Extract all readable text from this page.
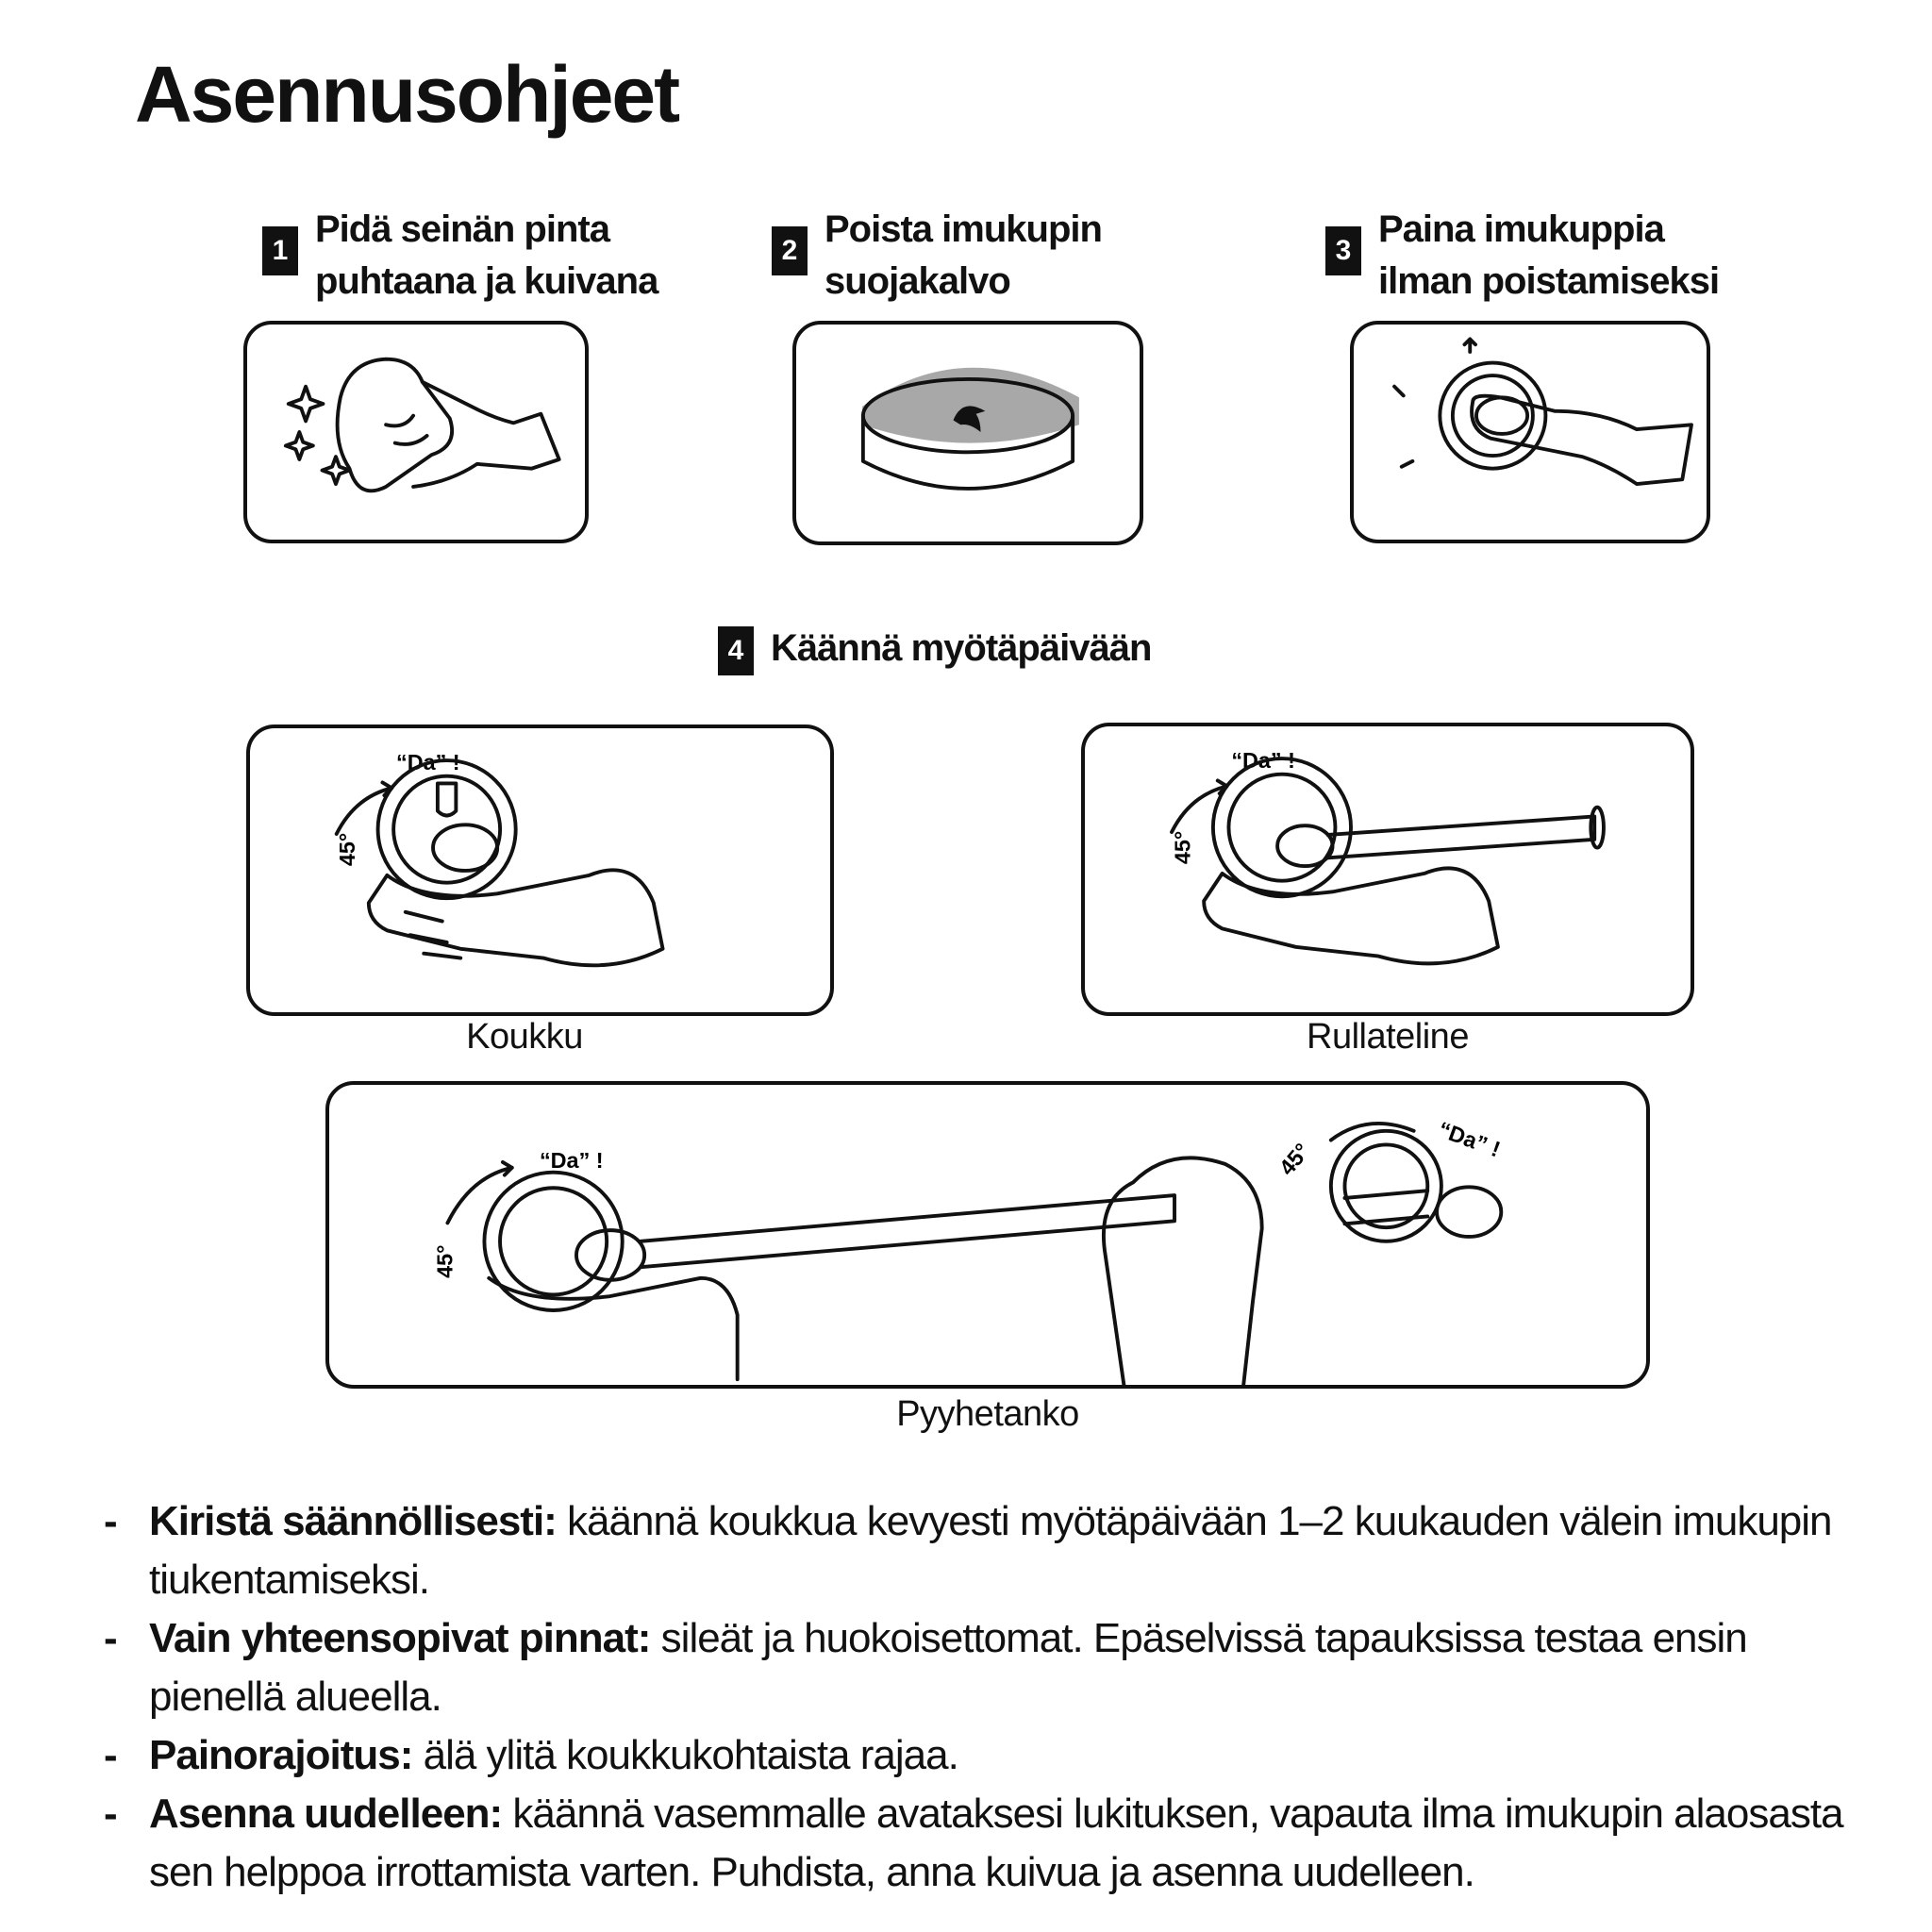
Asennusohjeet
1
Pidä seinän pinta
puhtaana ja kuivana
2
Poista imukupin
suojakalvo
3
Paina imukuppia
ilman poistamiseksi
4 Käännä myötäpäivään
“Da” !
45°
Koukku
“Da” !
45°
Rullateline
“Da” !
45°
“Da” !
45°
Pyyhetanko
- Kiristä säännöllisesti: käännä koukkua kevyesti myötäpäivään 1–2 kuukauden välein imukupin tiukentamiseksi.
- Vain yhteensopivat pinnat: sileät ja huokoisettomat. Epäselvissä tapauksissa testaa ensin pienellä alueella.
- Painorajoitus: älä ylitä koukkukohtaista rajaa.
- Asenna uudelleen: käännä vasemmalle avataksesi lukituksen, vapauta ilma imukupin alaosasta sen helppoa irrottamista varten. Puhdista, anna kuivua ja asenna uudelleen.
